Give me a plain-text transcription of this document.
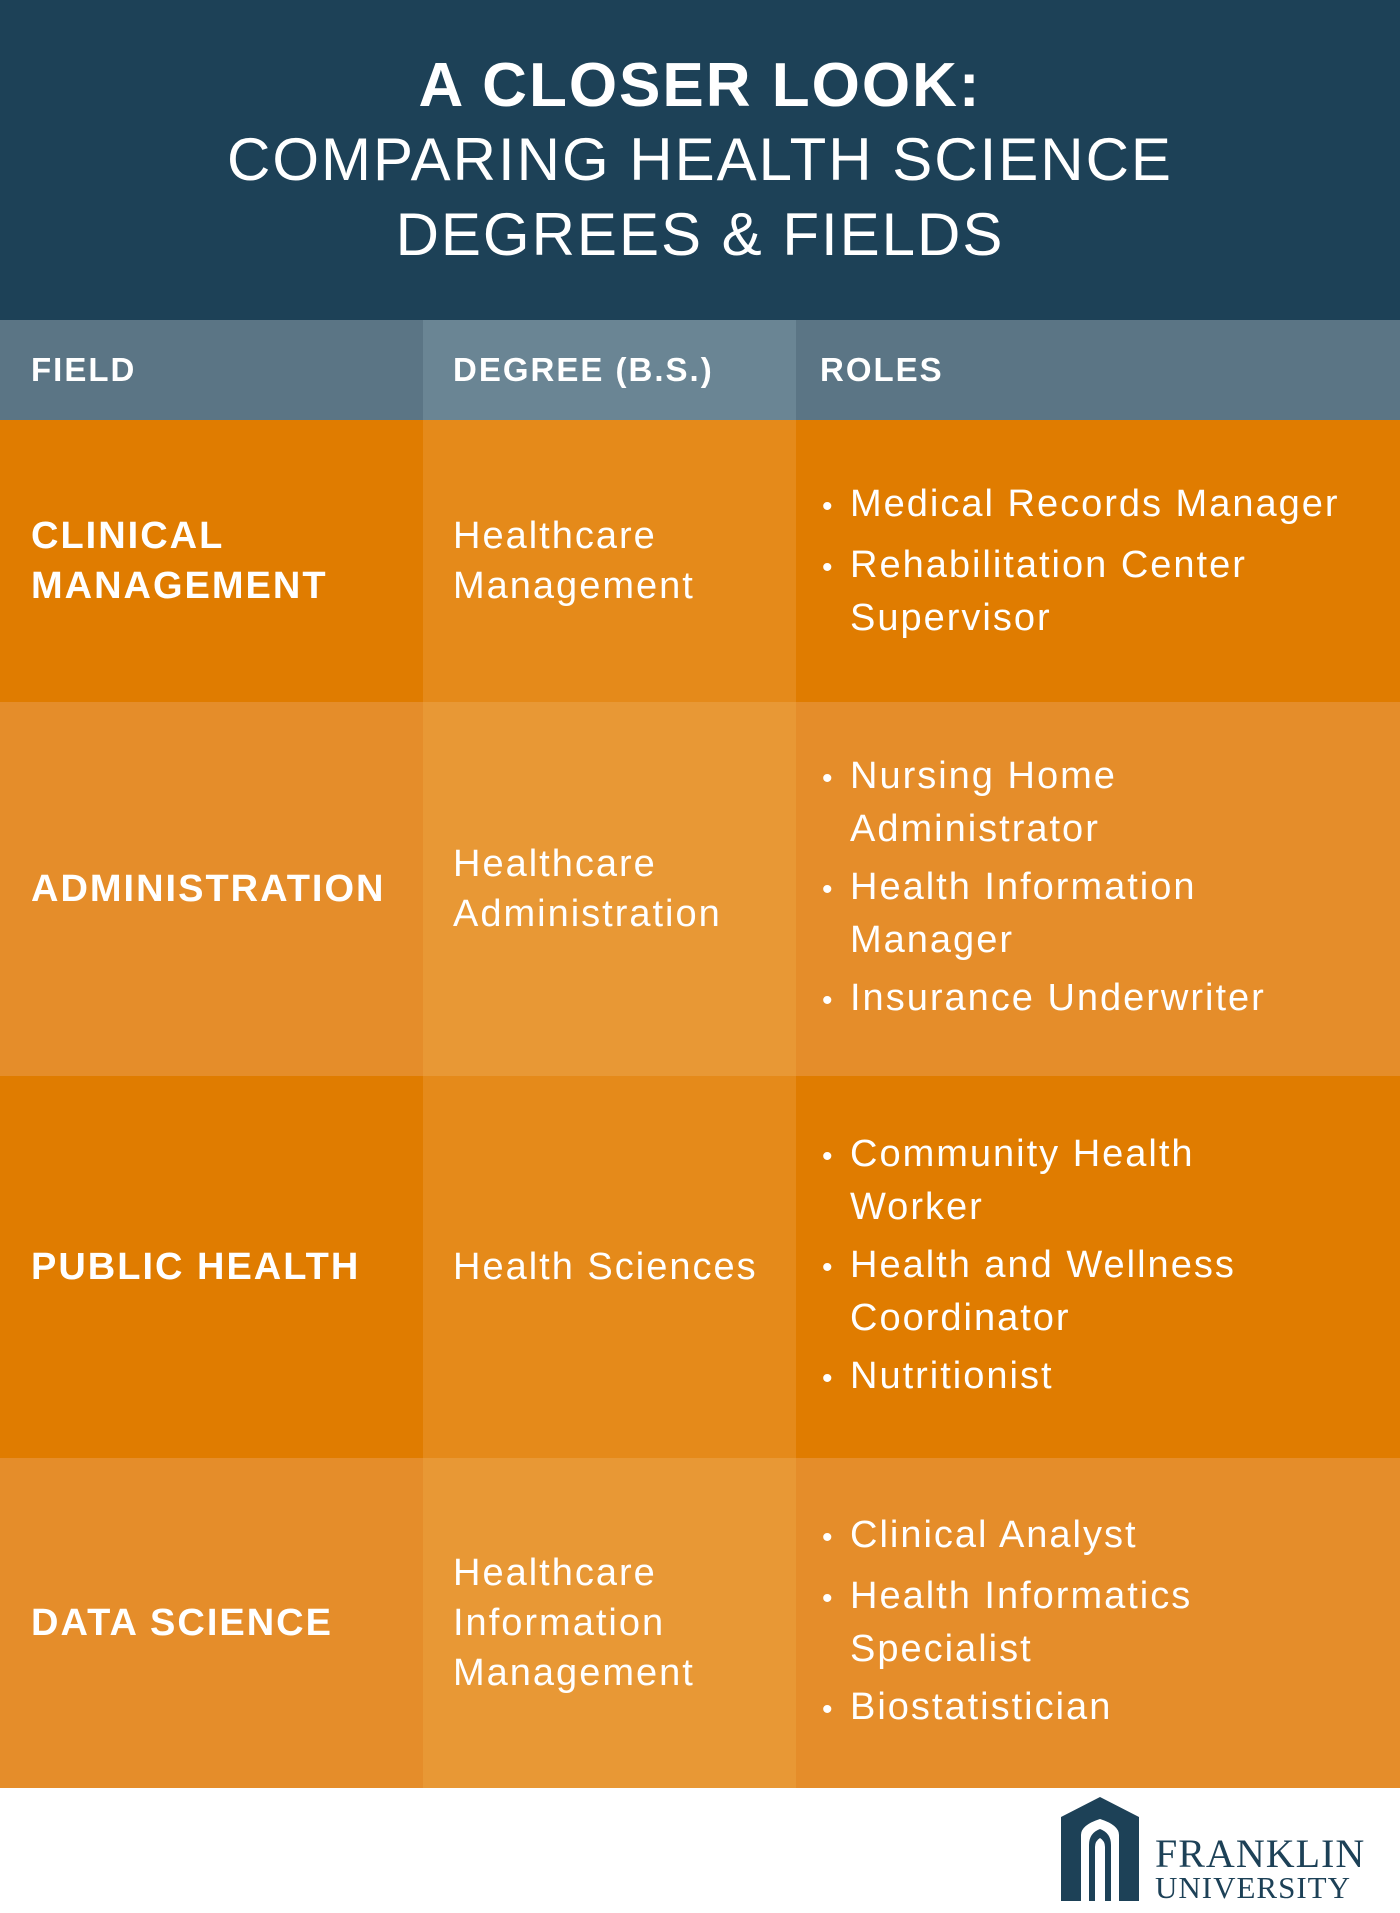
A CLOSER LOOK:
COMPARING HEALTH SCIENCE
DEGREES & FIELDS
FIELD	DEGREE (B.S.)	ROLES
CLINICAL
MANAGEMENT
Healthcare
Management
• Medical Records Manager
• Rehabilitation Center
Supervisor
ADMINISTRATION
Healthcare
Administration
• Nursing Home
Administrator
• Health Information
Manager
• Insurance Underwriter
PUBLIC HEALTH Health Sciences
• Community Health
Worker
• Health and Wellness
Coordinator
• Nutritionist
DATA SCIENCE
Healthcare
Information
Management
• Clinical Analyst
• Health Informatics
Specialist
• Biostatistician
FRANKLIN
UNIVERSITY
